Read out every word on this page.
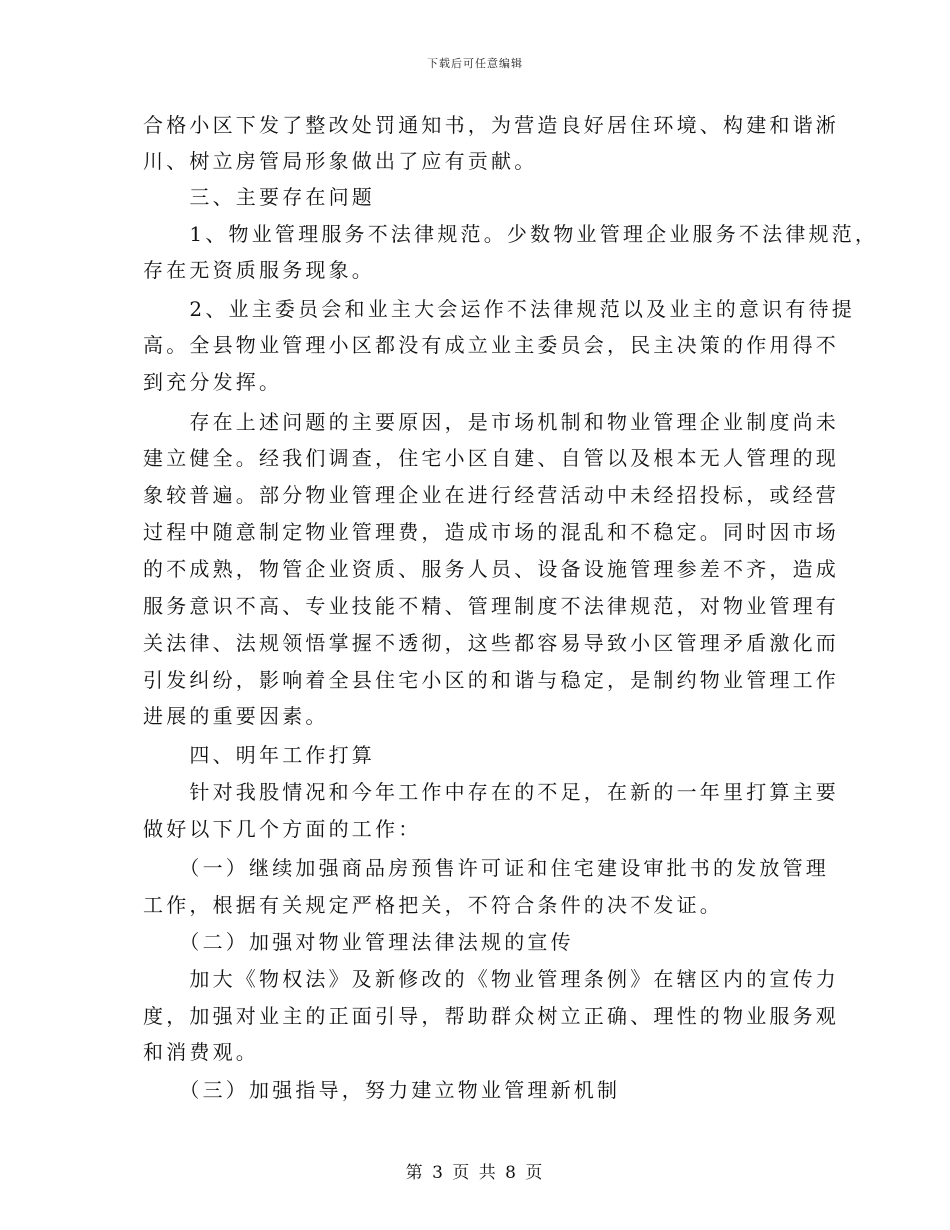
下载后可任意编辑
合格小区下发了整改处罚通知书，为营造良好居住环境、构建和谐淅
川、树立房管局形象做出了应有贡献。
　　三、主要存在问题
　　1、物业管理服务不法律规范。少数物业管理企业服务不法律规范，
存在无资质服务现象。
　　2、业主委员会和业主大会运作不法律规范以及业主的意识有待提
高。全县物业管理小区都没有成立业主委员会，民主决策的作用得不
到充分发挥。
　　存在上述问题的主要原因，是市场机制和物业管理企业制度尚未
建立健全。经我们调查，住宅小区自建、自管以及根本无人管理的现
象较普遍。部分物业管理企业在进行经营活动中未经招投标，或经营
过程中随意制定物业管理费，造成市场的混乱和不稳定。同时因市场
的不成熟，物管企业资质、服务人员、设备设施管理参差不齐，造成
服务意识不高、专业技能不精、管理制度不法律规范，对物业管理有
关法律、法规领悟掌握不透彻，这些都容易导致小区管理矛盾激化而
引发纠纷，影响着全县住宅小区的和谐与稳定，是制约物业管理工作
进展的重要因素。
　　四、明年工作打算
　　针对我股情况和今年工作中存在的不足，在新的一年里打算主要
做好以下几个方面的工作：
　　（一）继续加强商品房预售许可证和住宅建设审批书的发放管理
工作，根据有关规定严格把关，不符合条件的决不发证。
　　（二）加强对物业管理法律法规的宣传
　　加大《物权法》及新修改的《物业管理条例》在辖区内的宣传力
度，加强对业主的正面引导，帮助群众树立正确、理性的物业服务观
和消费观。
　　（三）加强指导，努力建立物业管理新机制
第 3 页 共 8 页
